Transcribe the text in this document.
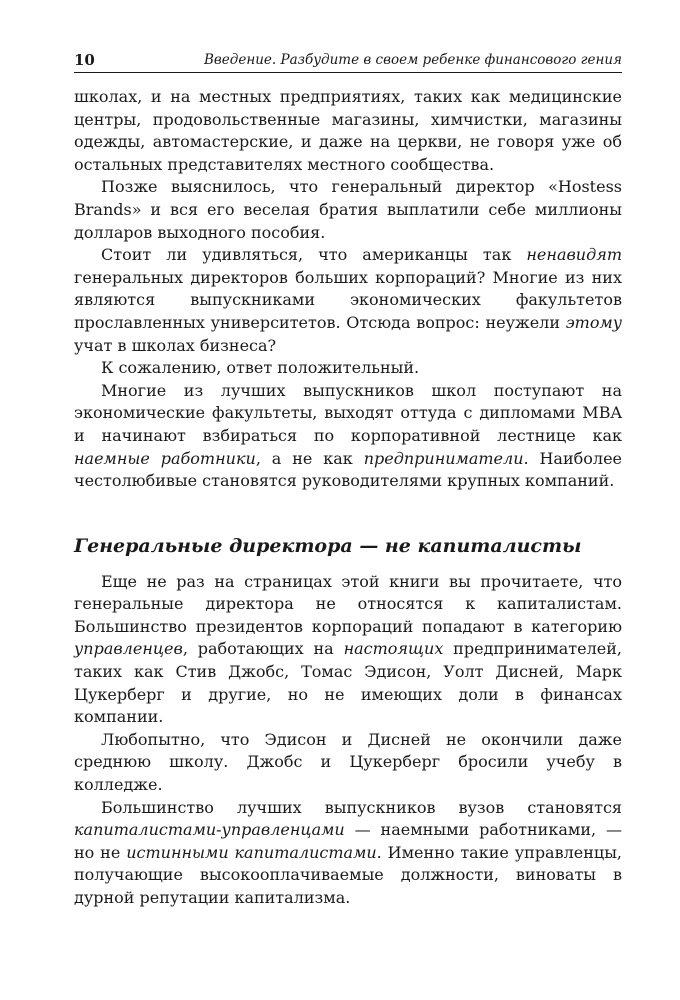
10	Введение. Разбудите в своем ребенке финансового гения

школах, и на местных предприятиях, таких как медицинские центры, продовольственные магазины, химчистки, магазины одежды, автомастерские, и даже на церкви, не говоря уже об остальных представителях местного сообщества.

Позже выяснилось, что генеральный директор «Hostess Brands» и вся его веселая братия выплатили себе миллионы долларов выходного пособия.

Стоит ли удивляться, что американцы так ненавидят генеральных директоров больших корпораций? Многие из них являются выпускниками экономических факультетов прославленных университетов. Отсюда вопрос: неужели этому учат в школах бизнеса?

К сожалению, ответ положительный.

Многие из лучших выпускников школ поступают на экономические факультеты, выходят оттуда с дипломами MBA и начинают взбираться по корпоративной лестнице как наемные работники, а не как предприниматели. Наиболее честолюбивые становятся руководителями крупных компаний.

Генеральные директора — не капиталисты

Еще не раз на страницах этой книги вы прочитаете, что генеральные директора не относятся к капиталистам. Большинство президентов корпораций попадают в категорию управленцев, работающих на настоящих предпринимателей, таких как Стив Джобс, Томас Эдисон, Уолт Дисней, Марк Цукерберг и другие, но не имеющих доли в финансах компании.

Любопытно, что Эдисон и Дисней не окончили даже среднюю школу. Джобс и Цукерберг бросили учебу в колледже.

Большинство лучших выпускников вузов становятся капиталистами-управленцами — наемными работниками, — но не истинными капиталистами. Именно такие управленцы, получающие высокооплачиваемые должности, виноваты в дурной репутации капитализма.
